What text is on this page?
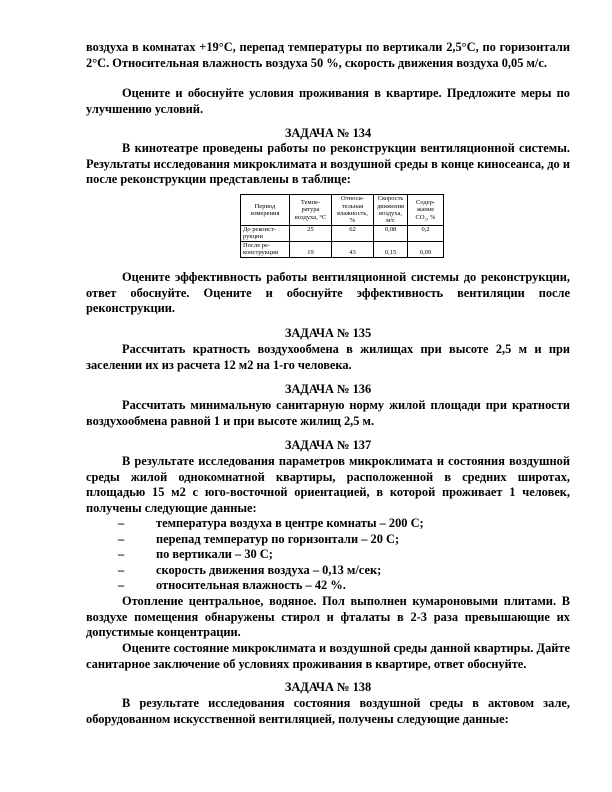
воздуха в комнатах +19°С, перепад температуры по вертикали 2,5°С, по горизонтали 2°С. Относительная влажность воздуха 50 %, скорость движения воздуха 0,05 м/с.

Оцените и обоснуйте условия проживания в квартире. Предложите меры по улучшению условий.

ЗАДАЧА № 134

В кинотеатре проведены работы по реконструкции вентиляционной системы. Результаты исследования микроклимата и воздушной среды в конце киносеанса, до и после реконструкции представлены в таблице:

Период измерения	Темпе-ратура воздуха, °С	Относи-тельная влажность, %	Скорость движения воздуха, м/с	Содер-жание СО₂, %
До реконст-рукции	25	62	0,08	0,2
После ре-конструкции	19	43	0,15	0,09

Оцените эффективность работы вентиляционной системы до реконструкции, ответ обоснуйте. Оцените и обоснуйте эффективность вентиляции после реконструкции.

ЗАДАЧА № 135

Рассчитать кратность воздухообмена в жилищах при высоте 2,5 м и при заселении их из расчета 12 м2 на 1-го человека.

ЗАДАЧА № 136

Рассчитать минимальную санитарную норму жилой площади при кратности воздухообмена равной 1 и при высоте жилищ 2,5 м.

ЗАДАЧА № 137

В результате исследования параметров микроклимата и состояния воздушной среды жилой однокомнатной квартиры, расположенной в средних широтах, площадью 15 м2 с юго-восточной ориентацией, в которой проживает 1 человек, получены следующие данные:

–	температура воздуха в центре комнаты – 200 С;
–	перепад температур по горизонтали – 20 С;
–	по вертикали – 30 С;
–	скорость движения воздуха – 0,13 м/сек;
–	относительная влажность – 42 %.

Отопление центральное, водяное. Пол выполнен кумароновыми плитами. В воздухе помещения обнаружены стирол и фталаты в 2-3 раза превышающие их допустимые концентрации.

Оцените состояние микроклимата и воздушной среды данной квартиры. Дайте санитарное заключение об условиях проживания в квартире, ответ обоснуйте.

ЗАДАЧА № 138

В результате исследования состояния воздушной среды в актовом зале, оборудованном искусственной вентиляцией, получены следующие данные:
